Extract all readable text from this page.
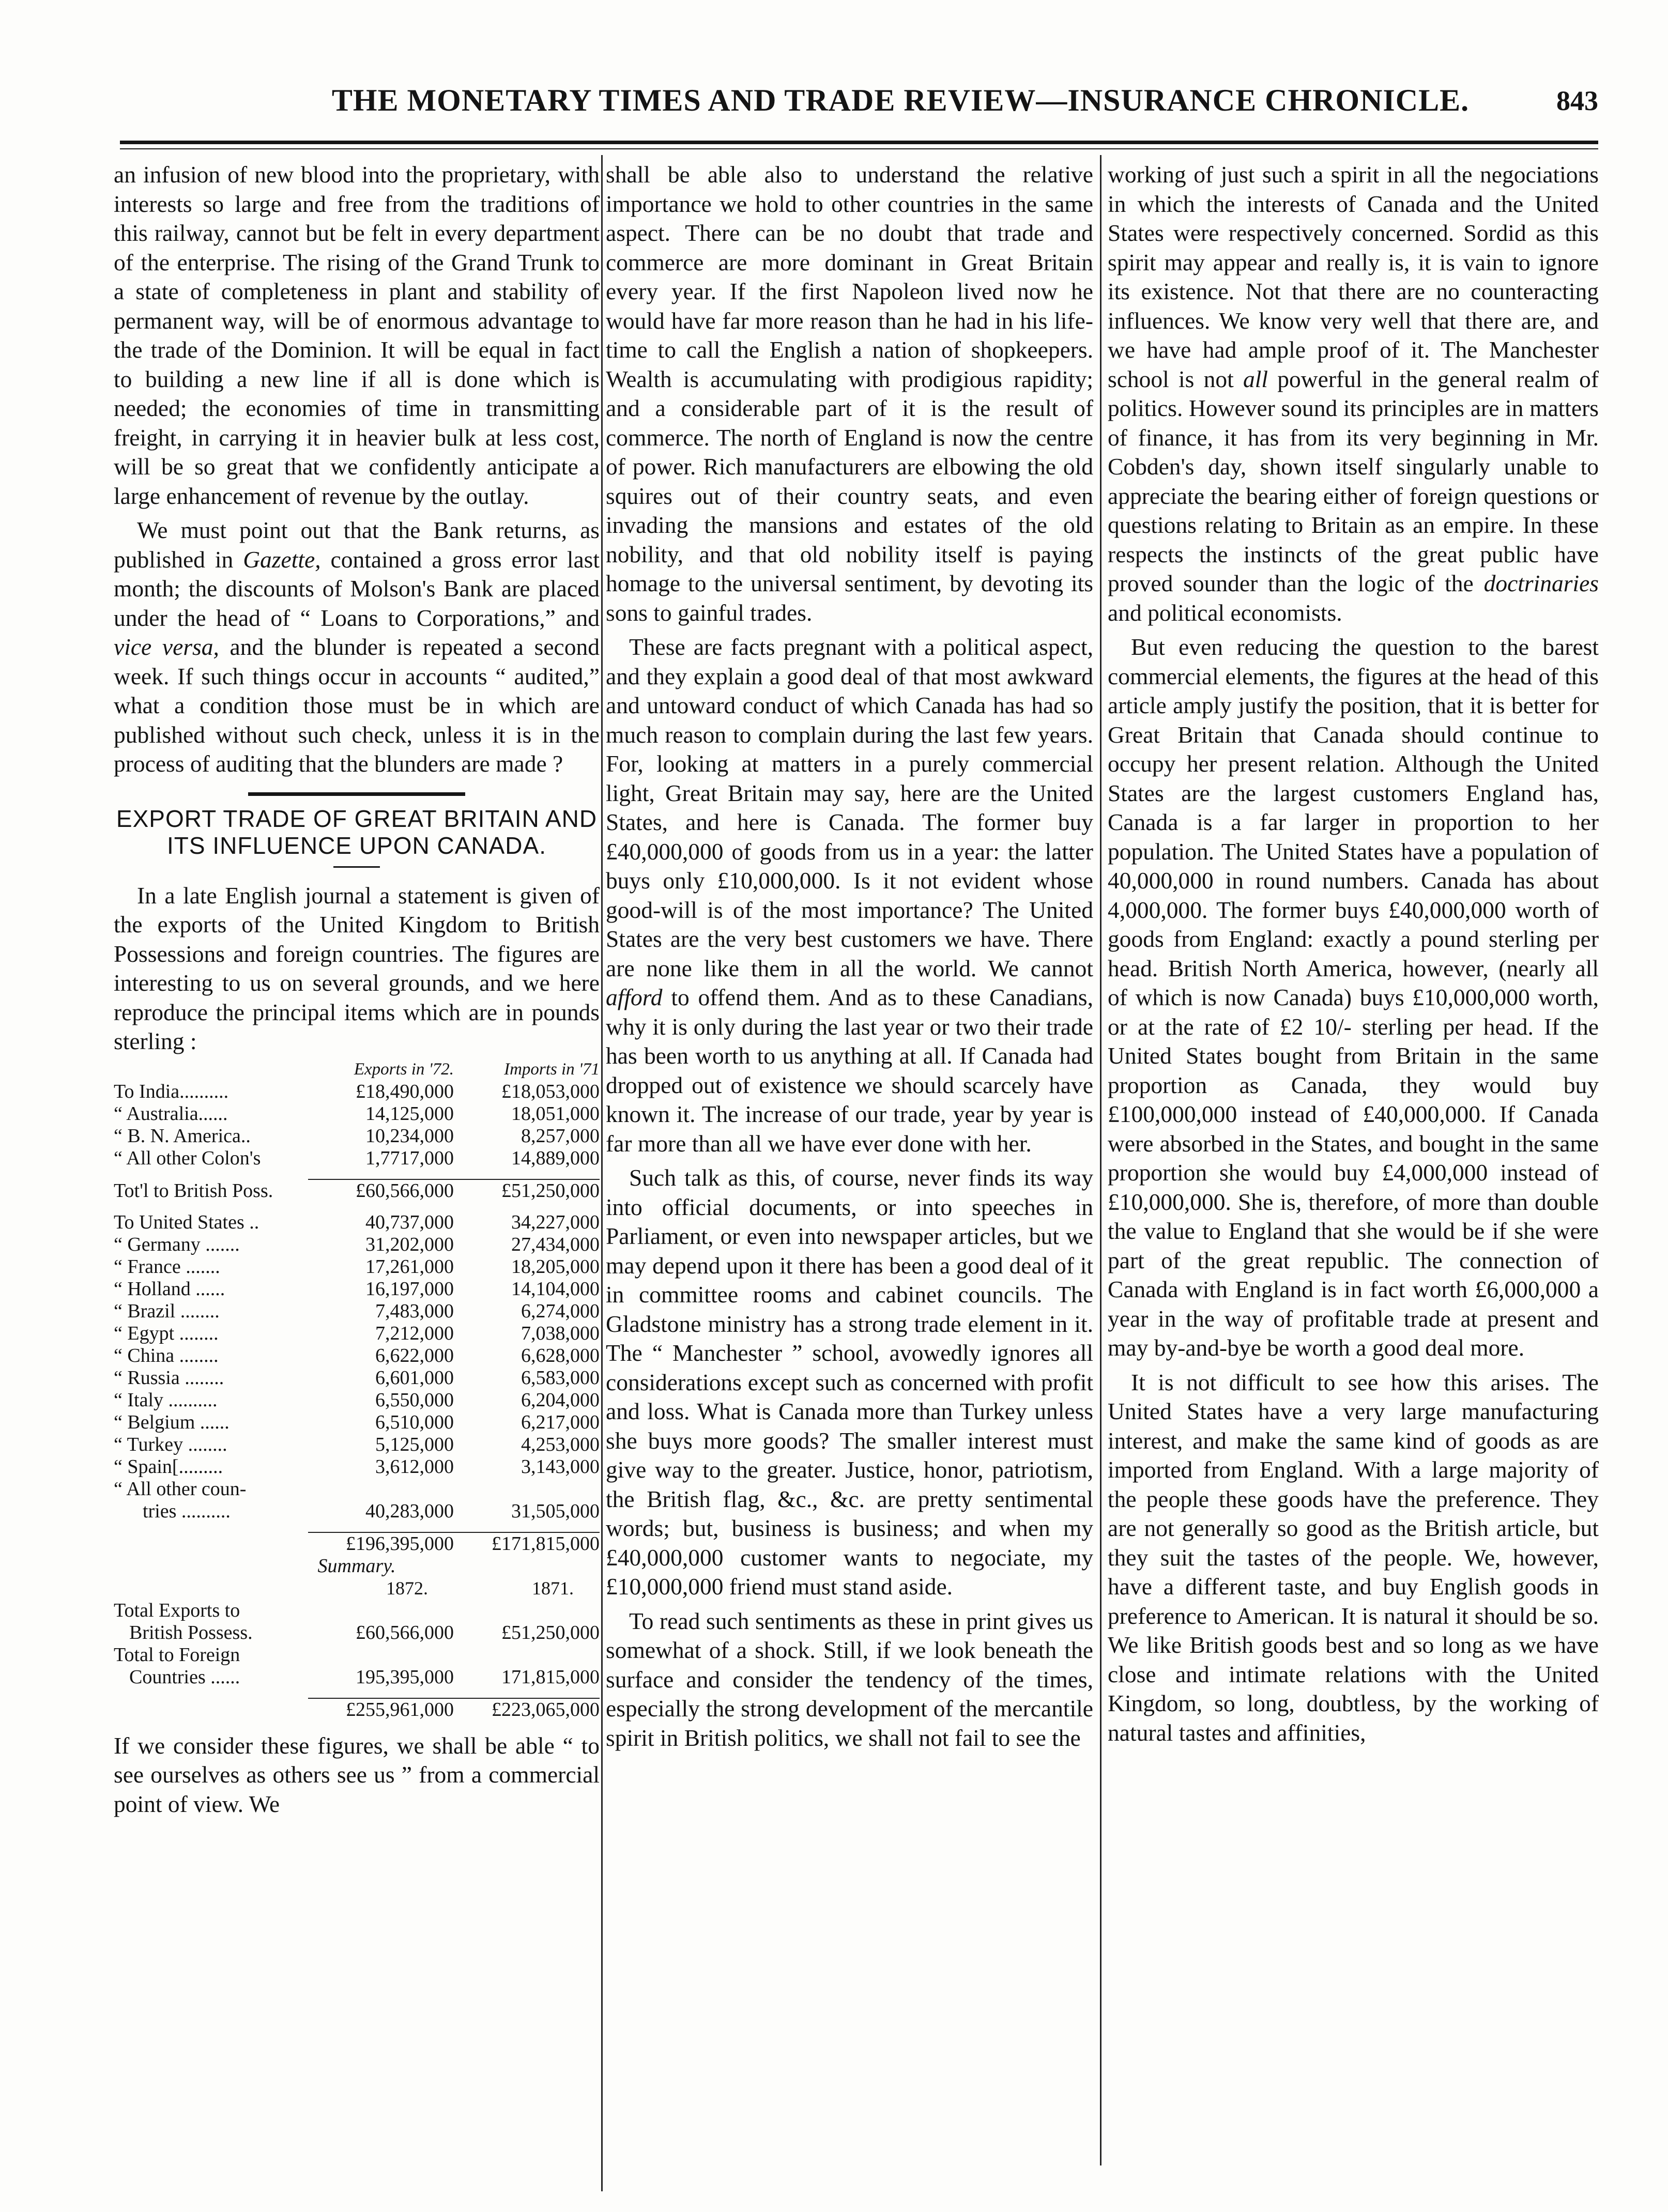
THE MONETARY TIMES AND TRADE REVIEW—INSURANCE CHRONICLE.	843

an infusion of new blood into the proprietary, with interests so large and free from the traditions of this railway, cannot but be felt in every department of the enterprise. The rising of the Grand Trunk to a state of completeness in plant and stability of permanent way, will be of enormous advantage to the trade of the Dominion. It will be equal in fact to building a new line if all is done which is needed; the economies of time in transmitting freight, in carrying it in heavier bulk at less cost, will be so great that we confidently anticipate a large enhancement of revenue by the outlay.

We must point out that the Bank returns, as published in Gazette, contained a gross error last month; the discounts of Molson's Bank are placed under the head of “ Loans to Corporations,” and vice versa, and the blunder is repeated a second week. If such things occur in accounts “ audited,” what a condition those must be in which are published without such check, unless it is in the process of auditing that the blunders are made ?

EXPORT TRADE OF GREAT BRITAIN AND ITS INFLUENCE UPON CANADA.

In a late English journal a statement is given of the exports of the United Kingdom to British Possessions and foreign countries. The figures are interesting to us on several grounds, and we here reproduce the principal items which are in pounds sterling :

	Exports in '72.	Imports in '71
To India..........	£18,490,000	£18,053,000
“ Australia......	14,125,000	18,051,000
“ B. N. America..	10,234,000	8,257,000
“ All other Colon's	1,7717,000	14,889,000

Tot'l to British Poss.	£60,566,000	£51,250,000

To United States ..	40,737,000	34,227,000
“ Germany .......	31,202,000	27,434,000
“ France .......	17,261,000	18,205,000
“ Holland ......	16,197,000	14,104,000
“ Brazil ........	7,483,000	6,274,000
“ Egypt ........	7,212,000	7,038,000
“ China ........	6,622,000	6,628,000
“ Russia ........	6,601,000	6,583,000
“ Italy ..........	6,550,000	6,204,000
“ Belgium ......	6,510,000	6,217,000
“ Turkey ........	5,125,000	4,253,000
“ Spain[.........	3,612,000	3,143,000
“ All other coun-		
tries ..........	40,283,000	31,505,000

	£196,395,000	£171,815,000
Summary.		
	1872.	1871.
Total Exports to		
British Possess.	£60,566,000	£51,250,000
Total to Foreign		
Countries ......	195,395,000	171,815,000

	£255,961,000	£223,065,000

If we consider these figures, we shall be able “ to see ourselves as others see us ” from a commercial point of view. We

shall be able also to understand the relative importance we hold to other countries in the same aspect. There can be no doubt that trade and commerce are more dominant in Great Britain every year. If the first Napoleon lived now he would have far more reason than he had in his life-time to call the English a nation of shopkeepers. Wealth is accumulating with prodigious rapidity; and a considerable part of it is the result of commerce. The north of England is now the centre of power. Rich manufacturers are elbowing the old squires out of their country seats, and even invading the mansions and estates of the old nobility, and that old nobility itself is paying homage to the universal sentiment, by devoting its sons to gainful trades.

These are facts pregnant with a political aspect, and they explain a good deal of that most awkward and untoward conduct of which Canada has had so much reason to complain during the last few years. For, looking at matters in a purely commercial light, Great Britain may say, here are the United States, and here is Canada. The former buy £40,000,000 of goods from us in a year: the latter buys only £10,000,000. Is it not evident whose good-will is of the most importance? The United States are the very best customers we have. There are none like them in all the world. We cannot afford to offend them. And as to these Canadians, why it is only during the last year or two their trade has been worth to us anything at all. If Canada had dropped out of existence we should scarcely have known it. The increase of our trade, year by year is far more than all we have ever done with her.

Such talk as this, of course, never finds its way into official documents, or into speeches in Parliament, or even into newspaper articles, but we may depend upon it there has been a good deal of it in committee rooms and cabinet councils. The Gladstone ministry has a strong trade element in it. The “ Manchester ” school, avowedly ignores all considerations except such as concerned with profit and loss. What is Canada more than Turkey unless she buys more goods? The smaller interest must give way to the greater. Justice, honor, patriotism, the British flag, &c., &c. are pretty sentimental words; but, business is business; and when my £40,000,000 customer wants to negociate, my £10,000,000 friend must stand aside.

To read such sentiments as these in print gives us somewhat of a shock. Still, if we look beneath the surface and consider the tendency of the times, especially the strong development of the mercantile spirit in British politics, we shall not fail to see the

working of just such a spirit in all the negociations in which the interests of Canada and the United States were respectively concerned. Sordid as this spirit may appear and really is, it is vain to ignore its existence. Not that there are no counteracting influences. We know very well that there are, and we have had ample proof of it. The Manchester school is not all powerful in the general realm of politics. However sound its principles are in matters of finance, it has from its very beginning in Mr. Cobden's day, shown itself singularly unable to appreciate the bearing either of foreign questions or questions relating to Britain as an empire. In these respects the instincts of the great public have proved sounder than the logic of the doctrinaries and political economists.

But even reducing the question to the barest commercial elements, the figures at the head of this article amply justify the position, that it is better for Great Britain that Canada should continue to occupy her present relation. Although the United States are the largest customers England has, Canada is a far larger in proportion to her population. The United States have a population of 40,000,000 in round numbers. Canada has about 4,000,000. The former buys £40,000,000 worth of goods from England: exactly a pound sterling per head. British North America, however, (nearly all of which is now Canada) buys £10,000,000 worth, or at the rate of £2 10/- sterling per head. If the United States bought from Britain in the same proportion as Canada, they would buy £100,000,000 instead of £40,000,000. If Canada were absorbed in the States, and bought in the same proportion she would buy £4,000,000 instead of £10,000,000. She is, therefore, of more than double the value to England that she would be if she were part of the great republic. The connection of Canada with England is in fact worth £6,000,000 a year in the way of profitable trade at present and may by-and-bye be worth a good deal more.

It is not difficult to see how this arises. The United States have a very large manufacturing interest, and make the same kind of goods as are imported from England. With a large majority of the people these goods have the preference. They are not generally so good as the British article, but they suit the tastes of the people. We, however, have a different taste, and buy English goods in preference to American. It is natural it should be so. We like British goods best and so long as we have close and intimate relations with the United Kingdom, so long, doubtless, by the working of natural tastes and affinities,
